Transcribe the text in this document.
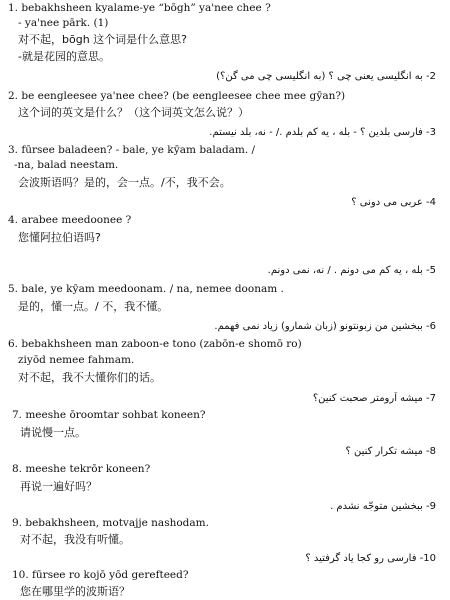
1. bebakhsheen kyalame-ye “bōgh” ya'nee chee ?
- ya'nee pārk. (1)
对不起，bōgh 这个词是什么意思?
-就是花园的意思。
2- به انگلیسی یعنی چی ؟ (به انگلیسی چی می گن؟)
2. be eengleesee ya'nee chee? (be eengleesee chee mee gӯan?)
这个词的英文是什么？（这个词英文怎么说？）
3- فارسی بلدین ؟ - بله ، یه کم بلدم ./ - نه، بلد نیستم.
3. fūrsee baladeen? - bale, ye kӯam baladam. /
-na, balad neestam.
会波斯语吗？是的，会一点。/不，我不会。
4- عربی می دونی ؟
4. arabee meedoonee ?
您懂阿拉伯语吗?
5- بله ، یه کم می دونم . / نه، نمی دونم.
5. bale, ye kӯam meedoonam. / na, nemee doonam .
是的，懂一点。/ 不，我不懂。
6- ببخشین من زبونتونو (زبان شمارو) زیاد نمی فهمم.
6. bebakhsheen man zaboon-e tono (zabōn-e shomō ro)
ziyōd nemee fahmam.
对不起，我不大懂你们的话。
7- میشه آرومتر صحبت کنین؟
7. meeshe ōroomtar sohbat koneen?
请说慢一点。
8- میشه تکرار کنین ؟
8. meeshe tekrōr koneen?
再说一遍好吗？
9- ببخشین متوجّه نشدم .
9. bebakhsheen, motvajje nashodam.
对不起，我没有听懂。
10- فارسی رو کجا یاد گرفتید ؟
10. fūrsee ro kojō yōd gerefteed?
您在哪里学的波斯语？
